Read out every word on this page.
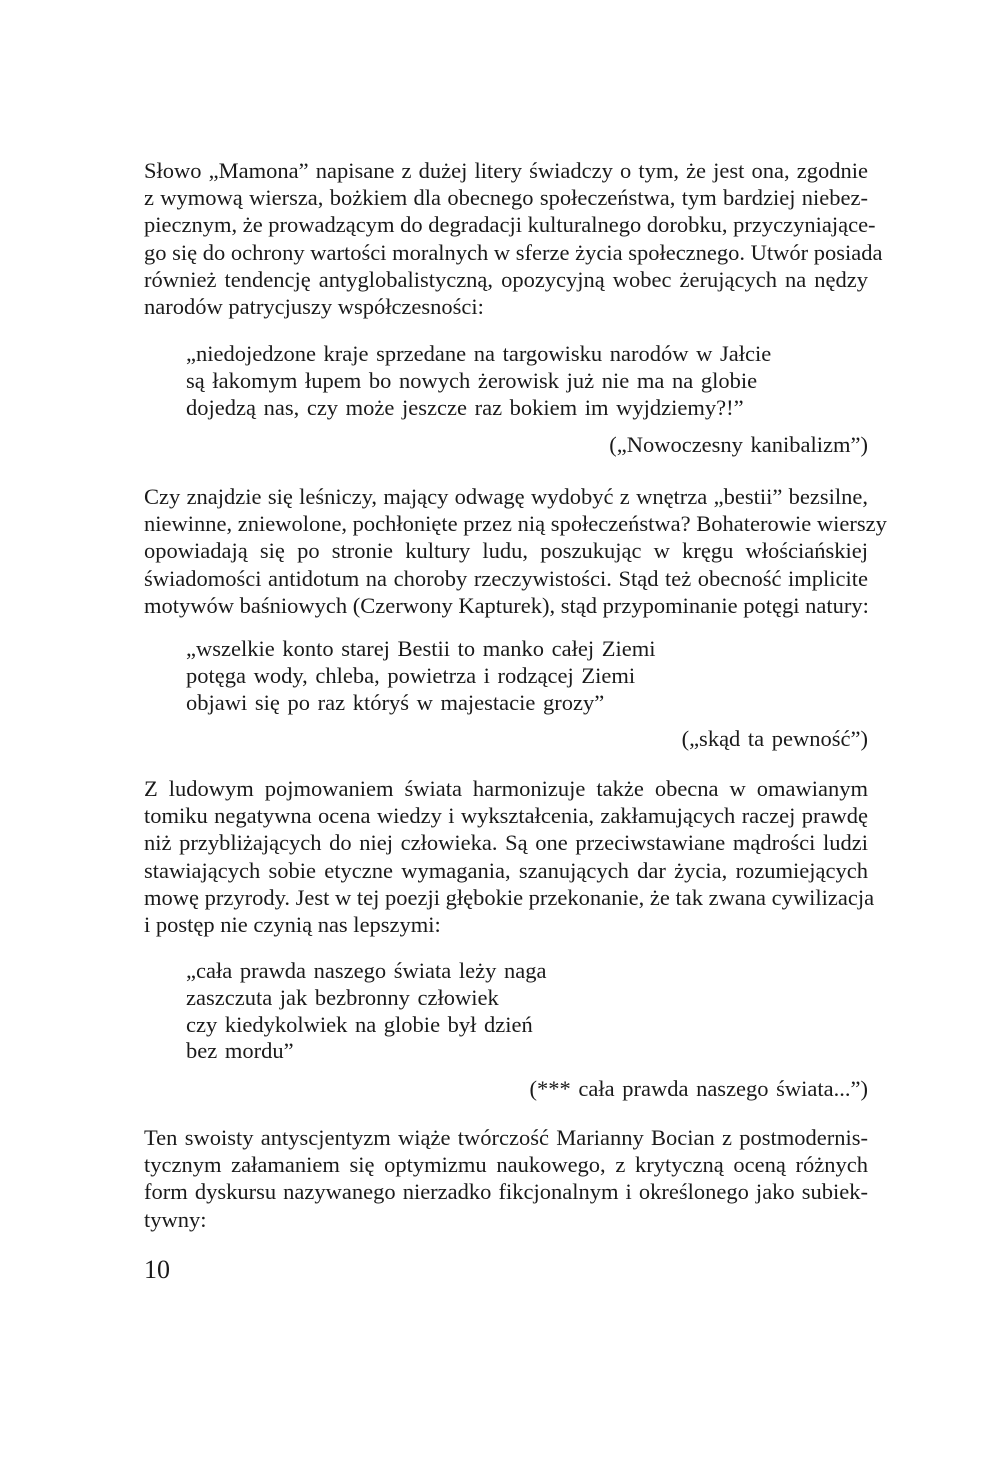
Słowo „Mamona” napisane z dużej litery świadczy o tym, że jest ona, zgodnie
z wymową wiersza, bożkiem dla obecnego społeczeństwa, tym bardziej niebez-
piecznym, że prowadzącym do degradacji kulturalnego dorobku, przyczyniające-
go się do ochrony wartości moralnych w sferze życia społecznego. Utwór posiada
również tendencję antyglobalistyczną, opozycyjną wobec żerujących na nędzy
narodów patrycjuszy współczesności:
„niedojedzone kraje sprzedane na targowisku narodów w Jałcie
są łakomym łupem bo nowych żerowisk już nie ma na globie
dojedzą nas, czy może jeszcze raz bokiem im wyjdziemy?!”
(„Nowoczesny kanibalizm”)
Czy znajdzie się leśniczy, mający odwagę wydobyć z wnętrza „bestii” bezsilne,
niewinne, zniewolone, pochłonięte przez nią społeczeństwa? Bohaterowie wierszy
opowiadają się po stronie kultury ludu, poszukując w kręgu włościańskiej
świadomości antidotum na choroby rzeczywistości. Stąd też obecność implicite
motywów baśniowych (Czerwony Kapturek), stąd przypominanie potęgi natury:
„wszelkie konto starej Bestii to manko całej Ziemi
potęga wody, chleba, powietrza i rodzącej Ziemi
objawi się po raz któryś w majestacie grozy”
(„skąd ta pewność”)
Z ludowym pojmowaniem świata harmonizuje także obecna w omawianym
tomiku negatywna ocena wiedzy i wykształcenia, zakłamujących raczej prawdę
niż przybliżających do niej człowieka. Są one przeciwstawiane mądrości ludzi
stawiających sobie etyczne wymagania, szanujących dar życia, rozumiejących
mowę przyrody. Jest w tej poezji głębokie przekonanie, że tak zwana cywilizacja
i postęp nie czynią nas lepszymi:
„cała prawda naszego świata leży naga
zaszczuta jak bezbronny człowiek
czy kiedykolwiek na globie był dzień
bez mordu”
(*** cała prawda naszego świata...”)
Ten swoisty antyscjentyzm wiąże twórczość Marianny Bocian z postmodernis-
tycznym załamaniem się optymizmu naukowego, z krytyczną oceną różnych
form dyskursu nazywanego nierzadko fikcjonalnym i określonego jako subiek-
tywny:
10
